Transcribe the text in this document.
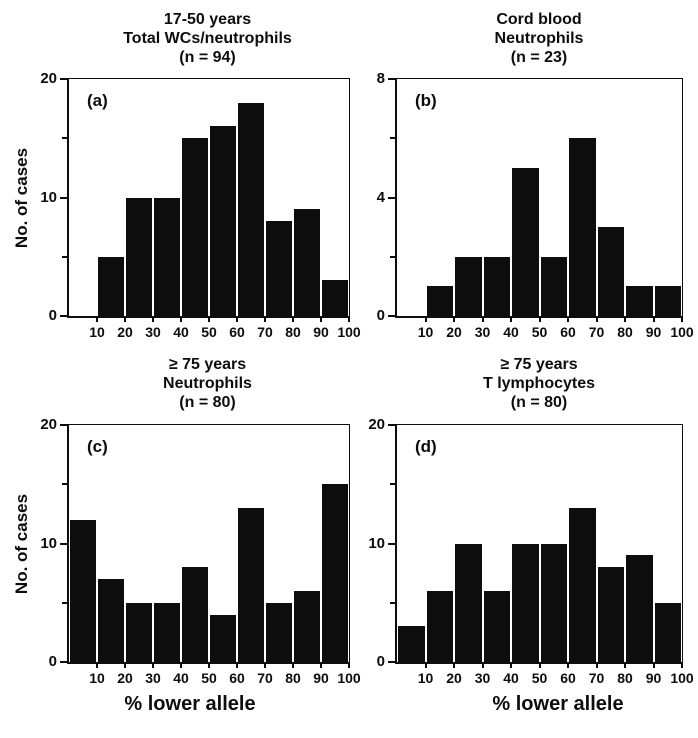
17-50 years
Total WCs/neutrophils
(n = 94)
Cord blood
Neutrophils
(n = 23)
≥ 75 years
Neutrophils
(n = 80)
≥ 75 years
T lymphocytes
(n = 80)
No. of cases
No. of cases
(a)
0
10
20
10 20 30 40 50 60 70 80 90 100
(b)
0
4
8
10 20 30 40 50 60 70 80 90 100
(c)
0
10
20
10 20 30 40 50 60 70 80 90 100
(d)
0
10
20
10 20 30 40 50 60 70 80 90 100
% lower allele	% lower allele
